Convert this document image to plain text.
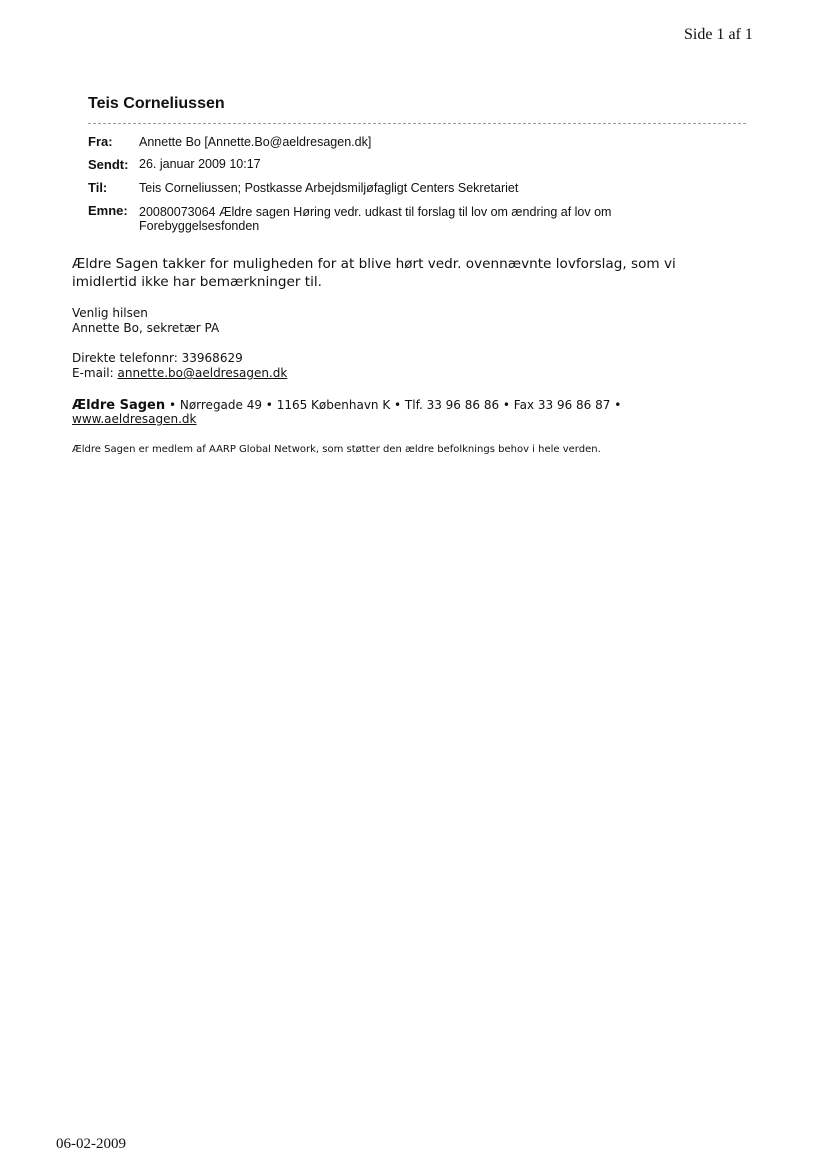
Side 1 af 1
Teis Corneliussen
Fra: Annette Bo [Annette.Bo@aeldresagen.dk]
Sendt: 26. januar 2009 10:17
Til:	Teis Corneliussen; Postkasse Arbejdsmiljøfagligt Centers Sekretariet
Emne: 20080073064 Ældre sagen Høring vedr. udkast til forslag til lov om ændring af lov om
Forebyggelsesfonden
Ældre Sagen takker for muligheden for at blive hørt vedr. ovennævnte lovforslag, som vi
imidlertid ikke har bemærkninger til.
Venlig hilsen
Annette Bo, sekretær PA
Direkte telefonnr: 33968629
E-mail: annette.bo@aeldresagen.dk
Ældre Sagen • Nørregade 49 • 1165 København K • Tlf. 33 96 86 86 • Fax 33 96 86 87 •
www.aeldresagen.dk
Ældre Sagen er medlem af AARP Global Network, som støtter den ældre befolknings behov i hele verden.
06-02-2009
